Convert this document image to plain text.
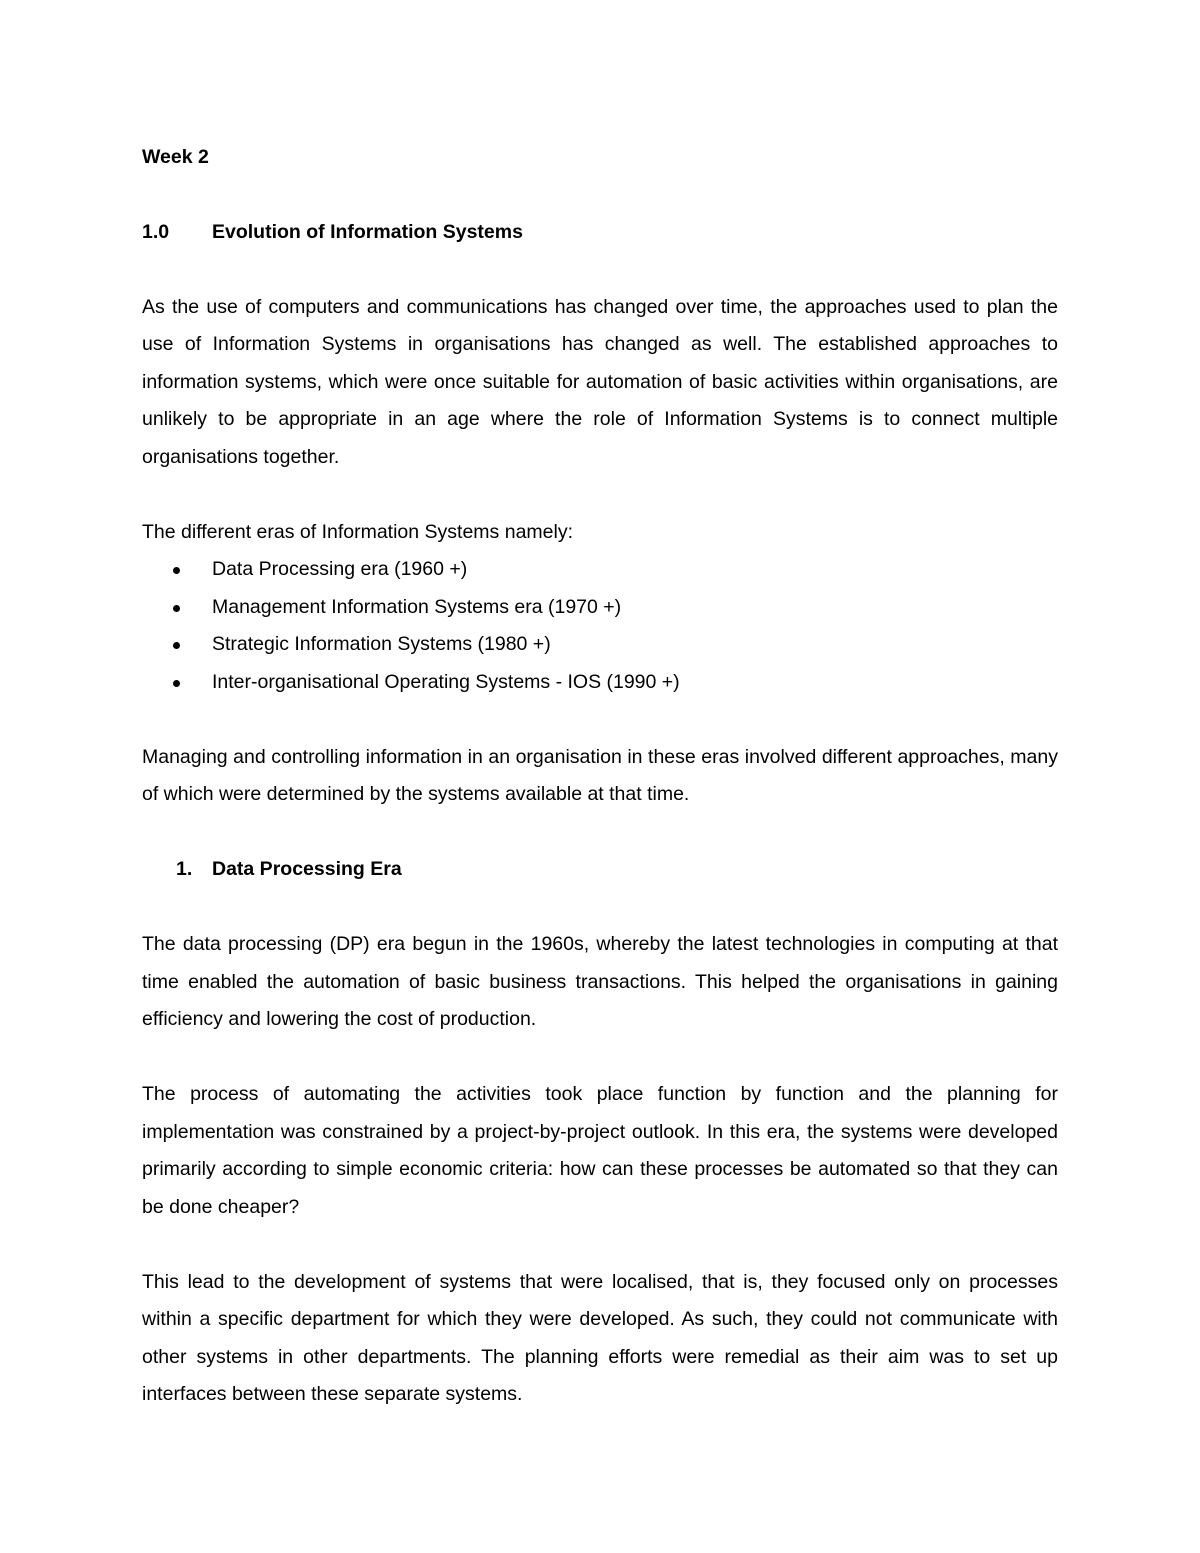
Week 2
1.0	Evolution of Information Systems

As the use of computers and communications has changed over time, the approaches used to plan the use of Information Systems in organisations has changed as well. The established approaches to information systems, which were once suitable for automation of basic activities within organisations, are unlikely to be appropriate in an age where the role of Information Systems is to connect multiple organisations together.

The different eras of Information Systems namely:

Data Processing era (1960 +)
Management Information Systems era (1970 +)
Strategic Information Systems (1980 +)
Inter-organisational Operating Systems - IOS (1990 +)

Managing and controlling information in an organisation in these eras involved different approaches, many of which were determined by the systems available at that time.

1.	Data Processing Era

The data processing (DP) era begun in the 1960s, whereby the latest technologies in computing at that time enabled the automation of basic business transactions. This helped the organisations in gaining efficiency and lowering the cost of production.

The process of automating the activities took place function by function and the planning for implementation was constrained by a project-by-project outlook. In this era, the systems were developed primarily according to simple economic criteria: how can these processes be automated so that they can be done cheaper?

This lead to the development of systems that were localised, that is, they focused only on processes within a specific department for which they were developed. As such, they could not communicate with other systems in other departments. The planning efforts were remedial as their aim was to set up interfaces between these separate systems.
